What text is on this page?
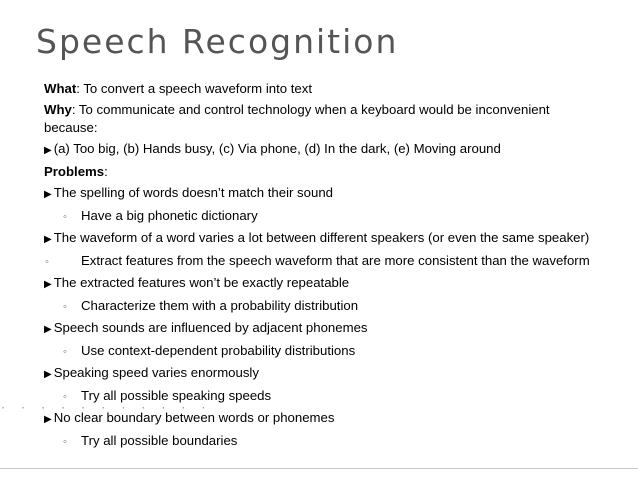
Speech Recognition
What: To convert a speech waveform into text
Why: To communicate and control technology when a keyboard would be inconvenient because:
▶ (a) Too big, (b) Hands busy, (c) Via phone, (d) In the dark, (e) Moving around
Problems:
▶ The spelling of words doesn’t match their sound
◦ Have a big phonetic dictionary
▶ The waveform of a word varies a lot between different speakers (or even the same speaker)
◦ Extract features from the speech waveform that are more consistent than the waveform
▶ The extracted features won’t be exactly repeatable
◦ Characterize them with a probability distribution
▶ Speech sounds are influenced by adjacent phonemes
◦ Use context-dependent probability distributions
▶ Speaking speed varies enormously
◦ Try all possible speaking speeds
▶ No clear boundary between words or phonemes
◦ Try all possible boundaries
· · · · · · · · · · ·
